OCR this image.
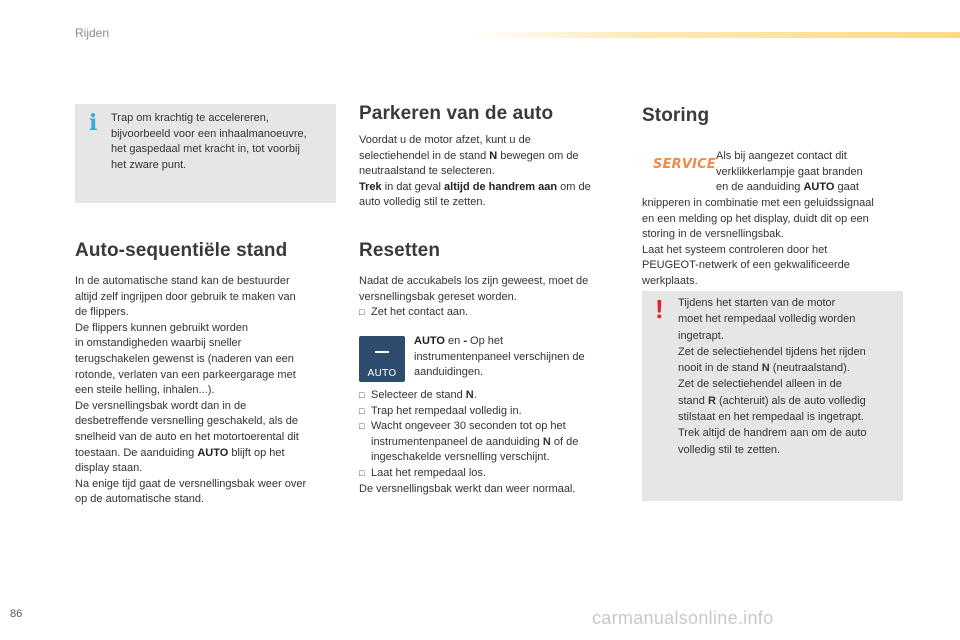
Rijden
i Trap om krachtig te accelereren,
bijvoorbeeld voor een inhaalmanoeuvre,
het gaspedaal met kracht in, tot voorbij
het zware punt.
Auto-sequentiële stand

In de automatische stand kan de bestuurder
altijd zelf ingrijpen door gebruik te maken van
de flippers.
De flippers kunnen gebruikt worden
in omstandigheden waarbij sneller
terugschakelen gewenst is (naderen van een
rotonde, verlaten van een parkeergarage met
een steile helling, inhalen...).
De versnellingsbak wordt dan in de
desbetreffende versnelling geschakeld, als de
snelheid van de auto en het motortoerental dit
toestaan. De aanduiding AUTO blijft op het
display staan.
Na enige tijd gaat de versnellingsbak weer over
op de automatische stand.

Parkeren van de auto

Voordat u de motor afzet, kunt u de
selectiehendel in de stand N bewegen om de
neutraalstand te selecteren.
Trek in dat geval altijd de handrem aan om de
auto volledig stil te zetten.

Resetten

Nadat de accukabels los zijn geweest, moet de
versnellingsbak gereset worden.

□ Zet het contact aan.
AUTO

AUTO en - Op het
instrumentenpaneel verschijnen de
aanduidingen.

□ Selecteer de stand N.
□ Trap het rempedaal volledig in.
□ Wacht ongeveer 30 seconden tot op het
instrumentenpaneel de aanduiding N of de
ingeschakelde versnelling verschijnt.
□ Laat het rempedaal los.

De versnellingsbak werkt dan weer normaal.

Storing
SERVICE

Als bij aangezet contact dit
verklikkerlampje gaat branden
en de aanduiding AUTO gaat

knipperen in combinatie met een geluidssignaal
en een melding op het display, duidt dit op een
storing in de versnellingsbak.
Laat het systeem controleren door het
PEUGEOT-netwerk of een gekwalificeerde
werkplaats.

! Tijdens het starten van de motor
moet het rempedaal volledig worden
ingetrapt.
Zet de selectiehendel tijdens het rijden
nooit in de stand N (neutraalstand).
Zet de selectiehendel alleen in de
stand R (achteruit) als de auto volledig
stilstaat en het rempedaal is ingetrapt.
Trek altijd de handrem aan om de auto
volledig stil te zetten.
86	carmanualsonline.info
